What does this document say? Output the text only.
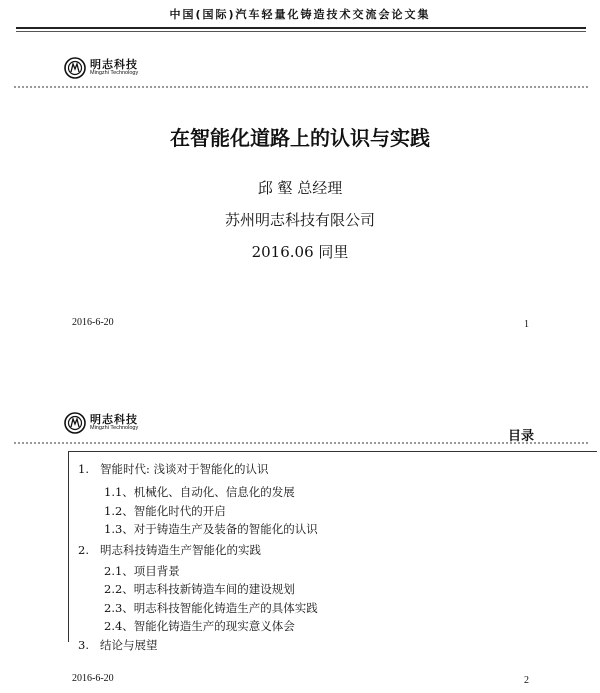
中国(国际)汽车轻量化铸造技术交流会论文集
明志科技
Mingzhi Technology
在智能化道路上的认识与实践
邱 壑 总经理
苏州明志科技有限公司
2016.06 同里
2016-6-20	1
明志科技
Mingzhi Technology
目录
1. 智能时代: 浅谈对于智能化的认识
1.1、机械化、自动化、信息化的发展
1.2、智能化时代的开启
1.3、对于铸造生产及装备的智能化的认识
2. 明志科技铸造生产智能化的实践
2.1、项目背景
2.2、明志科技新铸造车间的建设规划
2.3、明志科技智能化铸造生产的具体实践
2.4、智能化铸造生产的现实意义体会
3. 结论与展望
2016-6-20	2
